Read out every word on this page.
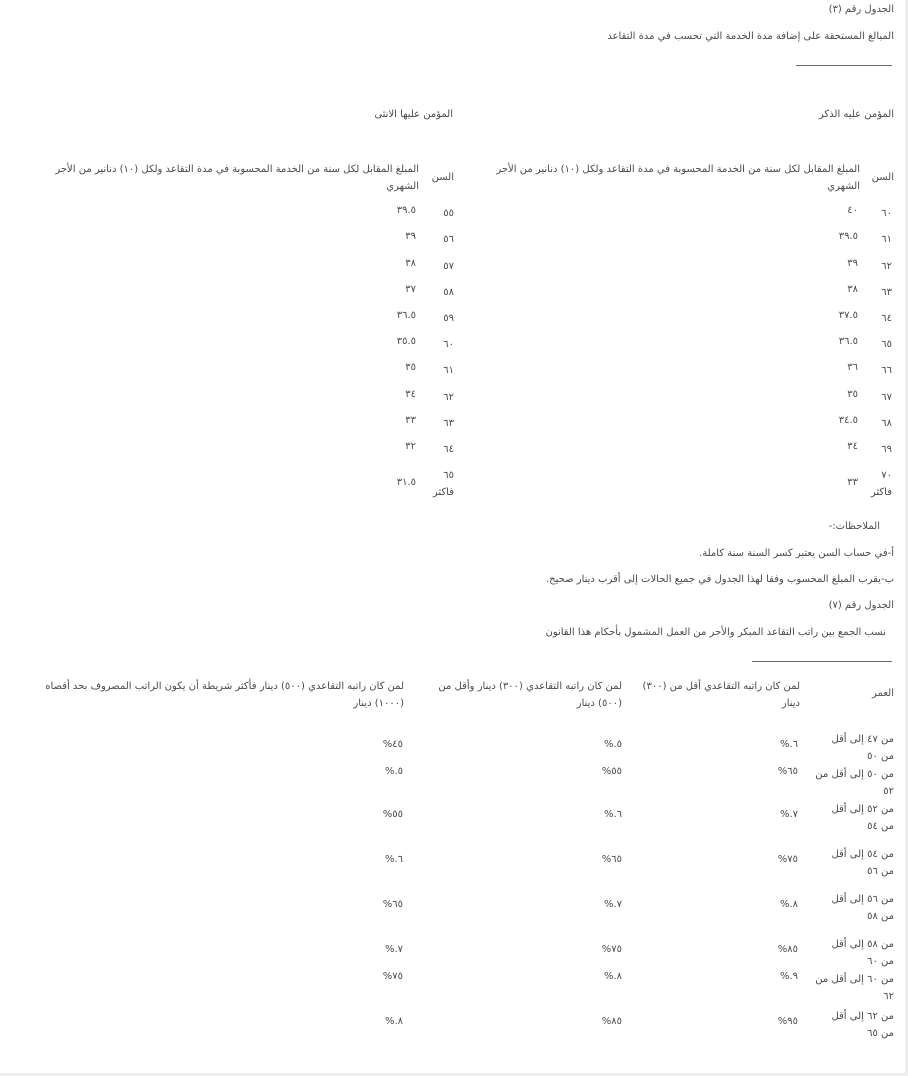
الجدول رقم (٣)
المبالغ المستحقة على إضافة مدة الخدمة التي تحسب في مدة التقاعد
المؤمن عليه الذكر
المؤمن عليها الانثى
السن
المبلغ المقابل لكل سنة من الخدمة المحسوبة في مدة التقاعد ولكل (١٠) دنانير من الأجر الشهري
السن
المبلغ المقابل لكل سنة من الخدمة المحسوبة في مدة التقاعد ولكل (١٠) دنانير من الأجر الشهري
٦٠
٤٠
٦١
٣٩.٥
٦٢
٣٩
٦٣
٣٨
٦٤
٣٧.٥
٦٥
٣٦.٥
٦٦
٣٦
٦٧
٣٥
٦٨
٣٤.٥
٦٩
٣٤
٧٠ فاكثر
٣٣
٥٥
٣٩.٥
٥٦
٣٩
٥٧
٣٨
٥٨
٣٧
٥٩
٣٦.٥
٦٠
٣٥.٥
٦١
٣٥
٦٢
٣٤
٦٣
٣٣
٦٤
٣٢
٦٥ فاكثر
٣١.٥
الملاحظات:-
أ-في حساب السن يعتبر كسر السنة سنة كاملة.
ب-يقرب المبلغ المحسوب وفقا لهذا الجدول في جميع الحالات إلى أقرب دينار صحيح.
الجدول رقم (٧)
نسب الجمع بين راتب التقاعد المبكر والأجر من العمل المشمول بأحكام هذا القانون
العمر
لمن كان راتبه التقاعدي أقل من (٣٠٠) دينار
لمن كان راتبه التقاعدي (٣٠٠) دينار وأقل من (٥٠٠) دينار
لمن كان راتبه التقاعدي (٥٠٠) دينار فأكثر شريطة أن يكون الراتب المصروف بحد أقصاه (١٠٠٠) دينار
من ٤٧ إلى أقل من ٥٠
٦.%
٥.%
٤٥%
من ٥٠ إلى أقل من ٥٢
٦٥%
٥٥%
٥.%
من ٥٢ إلى أقل من ٥٤
٧.%
٦.%
٥٥%
من ٥٤ إلى أقل من ٥٦
٧٥%
٦٥%
٦.%
من ٥٦ إلى أقل من ٥٨
٨.%
٧.%
٦٥%
من ٥٨ إلى أقل من ٦٠
٨٥%
٧٥%
٧.%
من ٦٠ إلى أقل من ٦٢
٩.%
٨.%
٧٥%
من ٦٢ إلى أقل من ٦٥
٩٥%
٨٥%
٨.%
